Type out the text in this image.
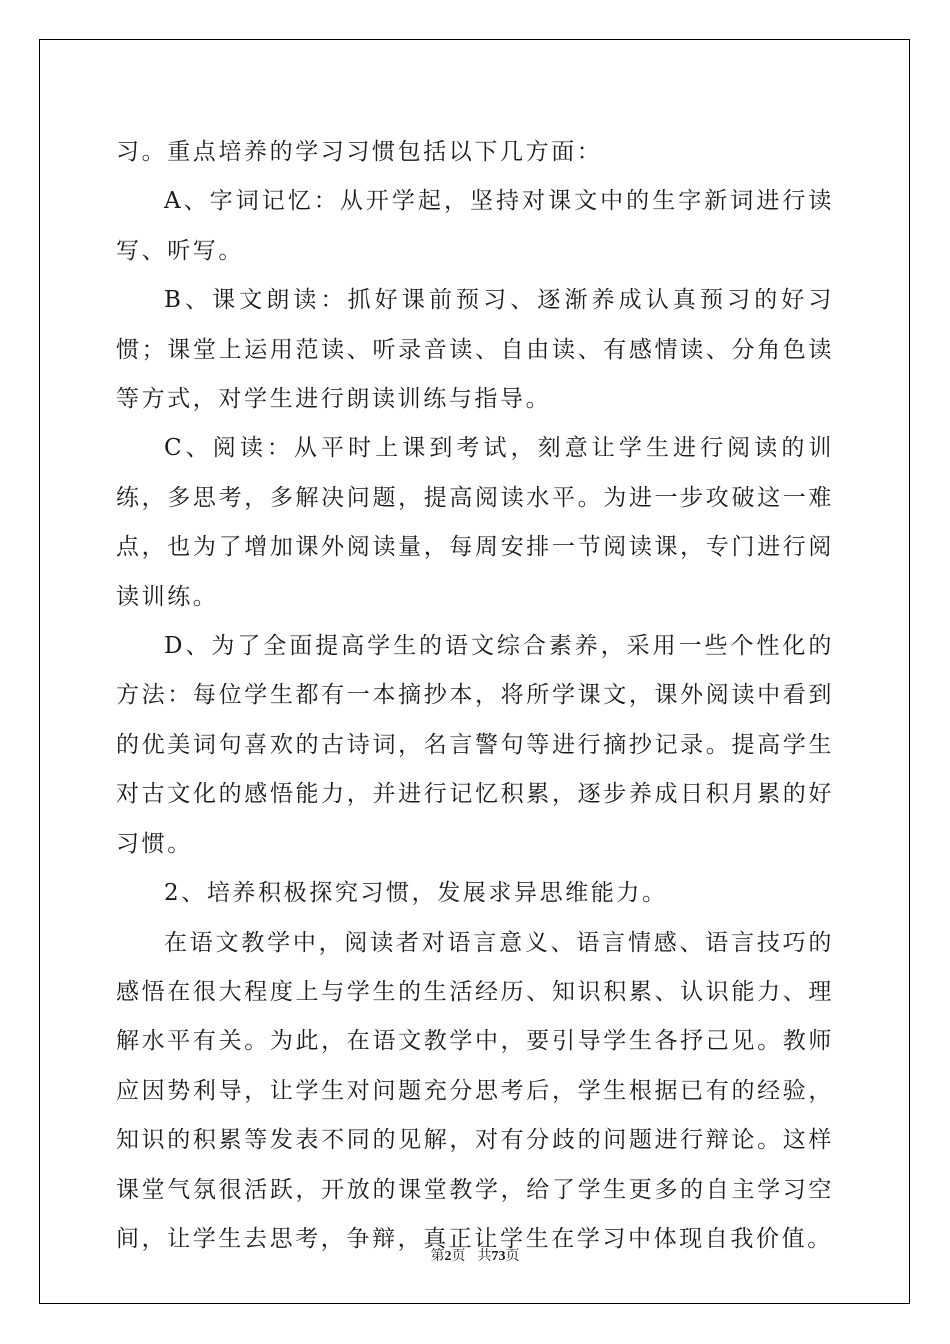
习。重点培养的学习习惯包括以下几方面：

A、字词记忆：从开学起，坚持对课文中的生字新词进行读写、听写。

B、课文朗读：抓好课前预习、逐渐养成认真预习的好习惯；课堂上运用范读、听录音读、自由读、有感情读、分角色读等方式，对学生进行朗读训练与指导。

C、阅读：从平时上课到考试，刻意让学生进行阅读的训练，多思考，多解决问题，提高阅读水平。为进一步攻破这一难点，也为了增加课外阅读量，每周安排一节阅读课，专门进行阅读训练。

D、为了全面提高学生的语文综合素养，采用一些个性化的方法：每位学生都有一本摘抄本，将所学课文，课外阅读中看到的优美词句喜欢的古诗词，名言警句等进行摘抄记录。提高学生对古文化的感悟能力，并进行记忆积累，逐步养成日积月累的好习惯。

2、培养积极探究习惯，发展求异思维能力。

在语文教学中，阅读者对语言意义、语言情感、语言技巧的感悟在很大程度上与学生的生活经历、知识积累、认识能力、理解水平有关。为此，在语文教学中，要引导学生各抒己见。教师应因势利导，让学生对问题充分思考后，学生根据已有的经验，知识的积累等发表不同的见解，对有分歧的问题进行辩论。这样课堂气氛很活跃，开放的课堂教学，给了学生更多的自主学习空间，让学生去思考，争辩，真正让学生在学习中体现自我价值。

第2页 共73页
